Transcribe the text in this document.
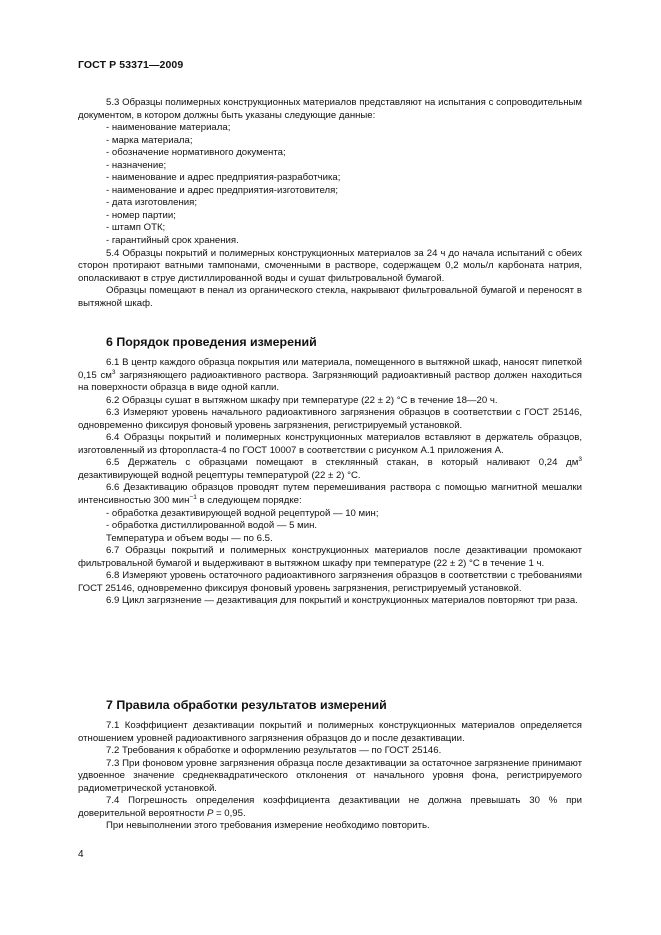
ГОСТ Р 53371—2009

5.3 Образцы полимерных конструкционных материалов представляют на испытания с сопроводительным документом, в котором должны быть указаны следующие данные:

- наименование материала;

- марка материала;

- обозначение нормативного документа;

- назначение;

- наименование и адрес предприятия-разработчика;

- наименование и адрес предприятия-изготовителя;

- дата изготовления;

- номер партии;

- штамп ОТК;

- гарантийный срок хранения.

5.4 Образцы покрытий и полимерных конструкционных материалов за 24 ч до начала испытаний с обеих сторон протирают ватными тампонами, смоченными в растворе, содержащем 0,2 моль/л карбоната натрия, ополаскивают в струе дистиллированной воды и сушат фильтровальной бумагой.

Образцы помещают в пенал из органического стекла, накрывают фильтровальной бумагой и переносят в вытяжной шкаф.

6 Порядок проведения измерений

6.1 В центр каждого образца покрытия или материала, помещенного в вытяжной шкаф, наносят пипеткой 0,15 $см^3$ загрязняющего радиоактивного раствора. Загрязняющий радиоактивный раствор должен находиться на поверхности образца в виде одной капли.

6.2 Образцы сушат в вытяжном шкафу при температуре (22 ± 2) °С в течение 18—20 ч.

6.3 Измеряют уровень начального радиоактивного загрязнения образцов в соответствии с ГОСТ 25146, одновременно фиксируя фоновый уровень загрязнения, регистрируемый установкой.

6.4 Образцы покрытий и полимерных конструкционных материалов вставляют в держатель образцов, изготовленный из фторопласта-4 по ГОСТ 10007 в соответствии с рисунком А.1 приложения А.

6.5 Держатель с образцами помещают в стеклянный стакан, в который наливают 0,24 $дм^3$ дезактивирующей водной рецептуры температурой (22 ± 2) °С.

6.6 Дезактивацию образцов проводят путем перемешивания раствора с помощью магнитной мешалки интенсивностью 300 мин$^{-1}$ в следующем порядке:

- обработка дезактивирующей водной рецептурой — 10 мин;

- обработка дистиллированной водой — 5 мин.

Температура и объем воды — по 6.5.

6.7 Образцы покрытий и полимерных конструкционных материалов после дезактивации промокают фильтровальной бумагой и выдерживают в вытяжном шкафу при температуре (22 ± 2) °С в течение 1 ч.

6.8 Измеряют уровень остаточного радиоактивного загрязнения образцов в соответствии с требованиями ГОСТ 25146, одновременно фиксируя фоновый уровень загрязнения, регистрируемый установкой.

6.9 Цикл загрязнение — дезактивация для покрытий и конструкционных материалов повторяют три раза.

7 Правила обработки результатов измерений

7.1 Коэффициент дезактивации покрытий и полимерных конструкционных материалов определяется отношением уровней радиоактивного загрязнения образцов до и после дезактивации.

7.2 Требования к обработке и оформлению результатов — по ГОСТ 25146.

7.3 При фоновом уровне загрязнения образца после дезактивации за остаточное загрязнение принимают удвоенное значение среднеквадратического отклонения от начального уровня фона, регистрируемого радиометрической установкой.

7.4 Погрешность определения коэффициента дезактивации не должна превышать 30 % при доверительной вероятности P = 0,95.

При невыполнении этого требования измерение необходимо повторить.

4
